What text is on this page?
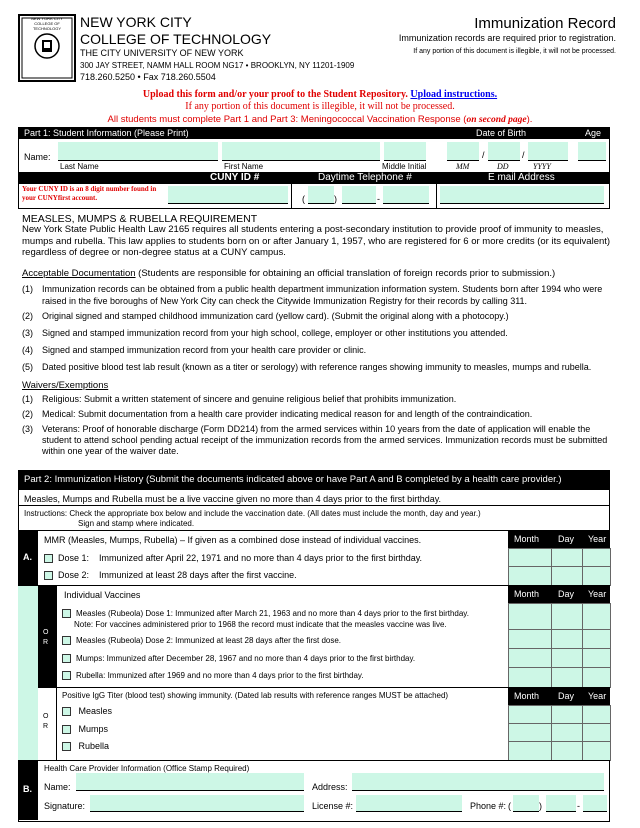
NEW YORK CITY COLLEGE OF TECHNOLOGY	NEW YORK CITY
COLLEGE OF TECHNOLOGY
THE CITY UNIVERSITY OF NEW YORK
300 JAY STREET, NAMM HALL ROOM NG17 • BROOKLYN, NY 11201-1909
718.260.5250 • Fax 718.260.5504
Immunization Record
Immunization records are required prior to registration.
If any portion of this document is illegible, it will not be processed.
Upload this form and/or your proof to the Student Repository. Upload instructions.
If any portion of this document is illegible, it will not be processed.
All students must complete Part 1 and Part 3: Meningococcal Vaccination Response (on second page).
Part 1: Student Information (Please Print)	Date of Birth	Age
Name:
Last Name	First Name	Middle Initial
/	/
MM	DD	YYYY
CUNY ID #	Daytime Telephone #	E mail Address
Your CUNY ID is an 8 digit number found in your CUNYfirst account.	(	)	-
MEASLES, MUMPS & RUBELLA REQUIREMENT
New York State Public Health Law 2165 requires all students entering a post-secondary institution to provide proof of immunity to measles, mumps and rubella. This law applies to students born on or after January 1, 1957, who are registered for 6 or more credits (or its equivalent) regardless of degree or non-degree status at a CUNY campus.
Acceptable Documentation (Students are responsible for obtaining an official translation of foreign records prior to submission.)
(1) Immunization records can be obtained from a public health department immunization information system. Students born after 1994 who were raised in the five boroughs of New York City can check the Citywide Immunization Registry for their records by calling 311.
(2) Original signed and stamped childhood immunization card (yellow card). (Submit the original along with a photocopy.)
(3) Signed and stamped immunization record from your high school, college, employer or other institutions you attended.
(4) Signed and stamped immunization record from your health care provider or clinic.
(5) Dated positive blood test lab result (known as a titer or serology) with reference ranges showing immunity to measles, mumps and rubella.
Waivers/Exemptions
(1) Religious: Submit a written statement of sincere and genuine religious belief that prohibits immunization.
(2) Medical: Submit documentation from a health care provider indicating medical reason for and length of the contraindication.
(3) Veterans: Proof of honorable discharge (Form DD214) from the armed services within 10 years from the date of application will enable the student to attend school pending actual receipt of the immunization records from the armed services. Immunization records must be submitted within one year of the waiver date.
Part 2: Immunization History (Submit the documents indicated above or have Part A and B completed by a health care provider.)
Measles, Mumps and Rubella must be a live vaccine given no more than 4 days prior to the first birthday.
Instructions: Check the appropriate box below and include the vaccination date. (All dates must include the month, day and year.)
Sign and stamp where indicated.
A.
MMR (Measles, Mumps, Rubella) – If given as a combined dose instead of individual vaccines.
Dose 1: Immunized after April 22, 1971 and no more than 4 days prior to the first birthday.
Dose 2: Immunized at least 28 days after the first vaccine.
Month Day Year
O R
O R
Individual Vaccines
Measles (Rubeola) Dose 1: Immunized after March 21, 1963 and no more than 4 days prior to the first birthday.
Note: For vaccines administered prior to 1968 the record must indicate that the measles vaccine was live.
Measles (Rubeola) Dose 2: Immunized at least 28 days after the first dose.
Mumps: Immunized after December 28, 1967 and no more than 4 days prior to the first birthday.
Rubella: Immunized after 1969 and no more than 4 days prior to the first birthday.
Month Day Year
Positive IgG Titer (blood test) showing immunity. (Dated lab results with reference ranges MUST be attached)
Measles
Mumps
Rubella
Month Day Year
B.
Health Care Provider Information (Office Stamp Required)
Name:	Address:
Signature:	License #:	Phone #: (	)	-
